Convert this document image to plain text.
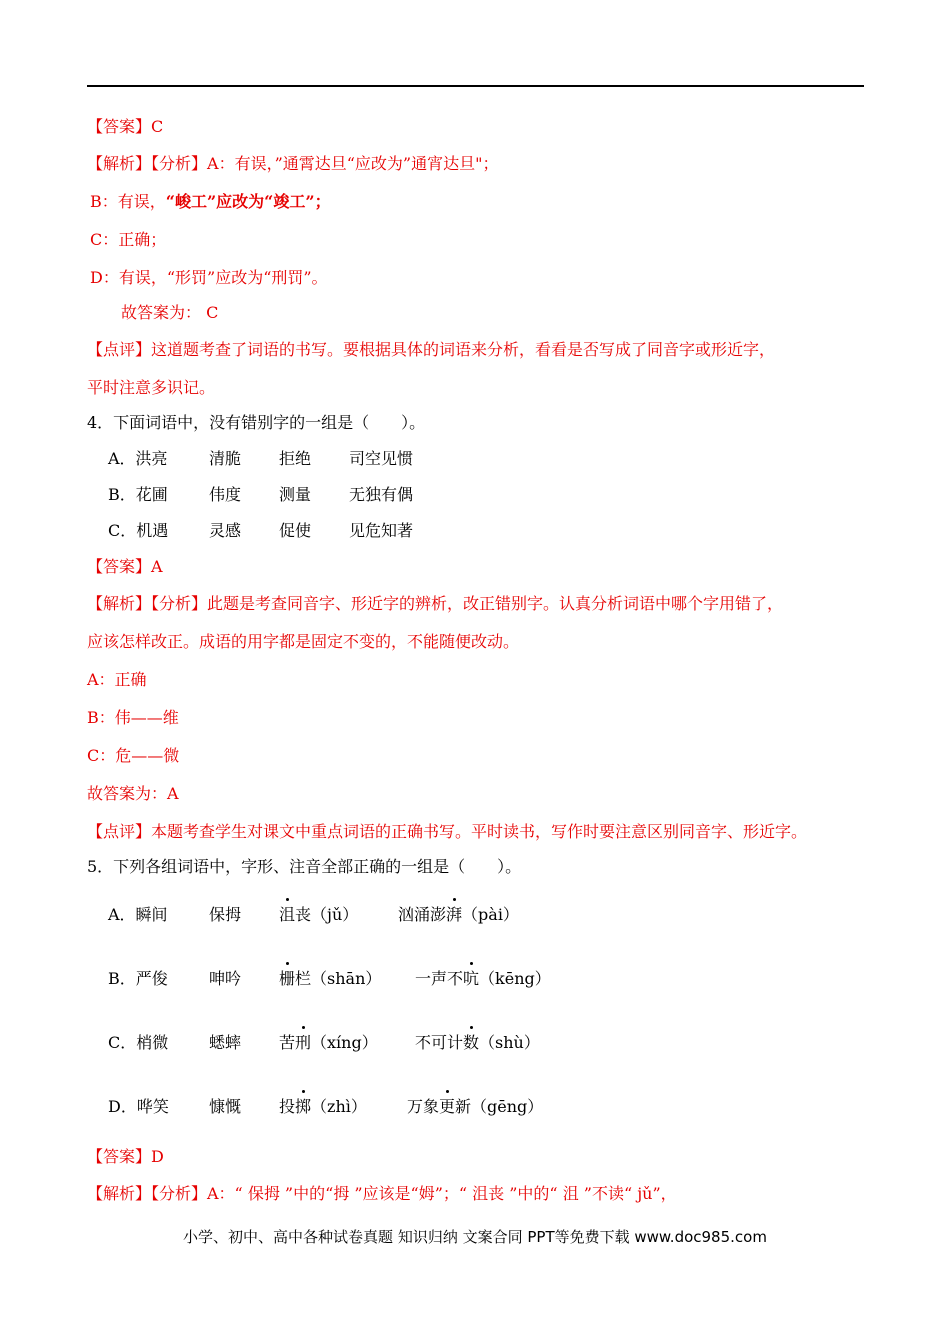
【答案】C
【解析】【分析】A：有误，”通霄达旦“应改为”通宵达旦"；
B：有误，“峻工”应改为“竣工”；
C：正确；
D：有误，“形罚”应改为“刑罚”。
故答案为： C
【点评】这道题考查了词语的书写。要根据具体的词语来分析，看看是否写成了同音字或形近字，
平时注意多识记。
4．下面词语中，没有错别字的一组是（　　）。
A．洪亮	清脆 拒绝 司空见惯
B．花圃	伟度 测量 无独有偶
C．机遇	灵感 促使 见危知著
【答案】A
【解析】【分析】此题是考查同音字、形近字的辨析，改正错别字。认真分析词语中哪个字用错了，
应该怎样改正。成语的用字都是固定不变的，不能随便改动。
A：正确
B：伟——维
C：危——微
故答案为：A
【点评】本题考查学生对课文中重点词语的正确书写。平时读书，写作时要注意区别同音字、形近字。
5．下列各组词语中，字形、注音全部正确的一组是（　　）。
A．瞬间	保拇 沮丧（jǔ） 汹涌澎湃（pài）
B．严俊	呻吟 栅栏（shān） 一声不吭（kēng）
C．梢微	蟋蟀 苦刑（xíng） 不可计数（shù）
D．哗笑	慷慨 投掷（zhì）	万象更新（gēng）
【答案】D
【解析】【分析】A：“ 保拇 ”中的“拇 ”应该是“姆”；“ 沮丧 ”中的“ 沮 ”不读“ jǔ”，
小学、初中、高中各种试卷真题 知识归纳 文案合同 PPT等免费下载 www.doc985.com
